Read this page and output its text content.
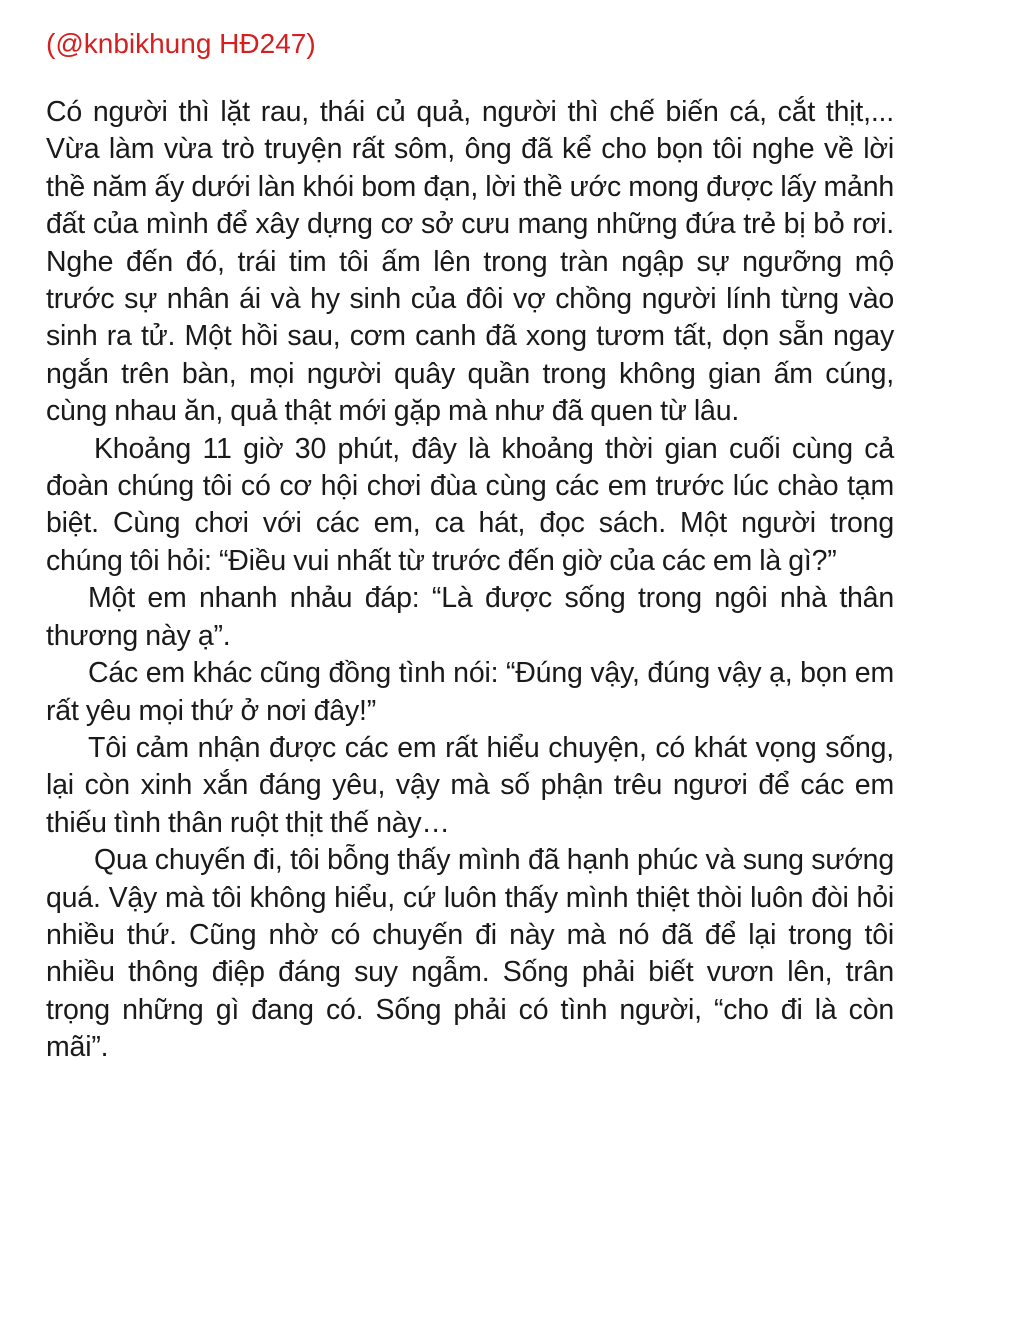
(@knbikhung HĐ247)

Có người thì lặt rau, thái củ quả, người thì chế biến cá, cắt thịt,... Vừa làm vừa trò truyện rất sôm, ông đã kể cho bọn tôi nghe về lời thề năm ấy dưới làn khói bom đạn, lời thề ước mong được lấy mảnh đất của mình để xây dựng cơ sở cưu mang những đứa trẻ bị bỏ rơi. Nghe đến đó, trái tim tôi ấm lên trong tràn ngập sự ngưỡng mộ trước sự nhân ái và hy sinh của đôi vợ chồng người lính từng vào sinh ra tử. Một hồi sau, cơm canh đã xong tươm tất, dọn sẵn ngay ngắn trên bàn, mọi người quây quần trong không gian ấm cúng, cùng nhau ăn, quả thật mới gặp mà như đã quen từ lâu.

Khoảng 11 giờ 30 phút, đây là khoảng thời gian cuối cùng cả đoàn chúng tôi có cơ hội chơi đùa cùng các em trước lúc chào tạm biệt. Cùng chơi với các em, ca hát, đọc sách. Một người trong chúng tôi hỏi: “Điều vui nhất từ trước đến giờ của các em là gì?”

Một em nhanh nhảu đáp: “Là được sống trong ngôi nhà thân thương này ạ”.

Các em khác cũng đồng tình nói: “Đúng vậy, đúng vậy ạ, bọn em rất yêu mọi thứ ở nơi đây!”

Tôi cảm nhận được các em rất hiểu chuyện, có khát vọng sống, lại còn xinh xắn đáng yêu, vậy mà số phận trêu ngươi để các em thiếu tình thân ruột thịt thế này…

Qua chuyến đi, tôi bỗng thấy mình đã hạnh phúc và sung sướng quá. Vậy mà tôi không hiểu, cứ luôn thấy mình thiệt thòi luôn đòi hỏi nhiều thứ. Cũng nhờ có chuyến đi này mà nó đã để lại trong tôi nhiều thông điệp đáng suy ngẫm. Sống phải biết vươn lên, trân trọng những gì đang có. Sống phải có tình người, “cho đi là còn mãi”.
